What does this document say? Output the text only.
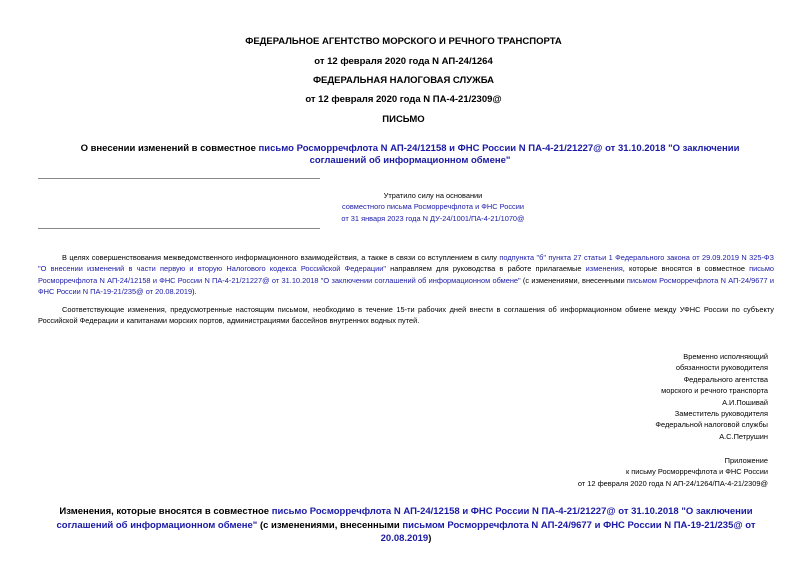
ФЕДЕРАЛЬНОЕ АГЕНТСТВО МОРСКОГО И РЕЧНОГО ТРАНСПОРТА
от 12 февраля 2020 года N АП-24/1264
ФЕДЕРАЛЬНАЯ НАЛОГОВАЯ СЛУЖБА
от 12 февраля 2020 года N ПА-4-21/2309@
ПИСЬМО
О внесении изменений в совместное письмо Росморречфлота N АП-24/12158 и ФНС России N ПА-4-21/21227@ от 31.10.2018 "О заключении соглашений об информационном обмене"
Утратило силу на основании
совместного письма Росморречфлота и ФНС России
от 31 января 2023 года N ДУ-24/1001/ПА-4-21/1070@
В целях совершенствования межведомственного информационного взаимодействия, а также в связи со вступлением в силу подпункта "б" пункта 27 статьи 1 Федерального закона от 29.09.2019 N 325-ФЗ "О внесении изменений в части первую и вторую Налогового кодекса Российской Федерации" направляем для руководства в работе прилагаемые изменения, которые вносятся в совместное письмо Росморречфлота N АП-24/12158 и ФНС России N ПА-4-21/21227@ от 31.10.2018 "О заключении соглашений об информационном обмене" (с изменениями, внесенными письмом Росморречфлота N АП-24/9677 и ФНС России N ПА-19-21/235@ от 20.08.2019).
Соответствующие изменения, предусмотренные настоящим письмом, необходимо в течение 15-ти рабочих дней внести в соглашения об информационном обмене между УФНС России по субъекту Российской Федерации и капитанами морских портов, администрациями бассейнов внутренних водных путей.
Временно исполняющий
обязанности руководителя
Федерального агентства
морского и речного транспорта
А.И.Пошивай
Заместитель руководителя
Федеральной налоговой службы
А.С.Петрушин
Приложение
к письму Росморречфлота и ФНС России
от 12 февраля 2020 года N АП-24/1264/ПА-4-21/2309@
Изменения, которые вносятся в совместное письмо Росморречфлота N АП-24/12158 и ФНС России N ПА-4-21/21227@ от 31.10.2018 "О заключении соглашений об информационном обмене" (с изменениями, внесенными письмом Росморречфлота N АП-24/9677 и ФНС России N ПА-19-21/235@ от 20.08.2019)
